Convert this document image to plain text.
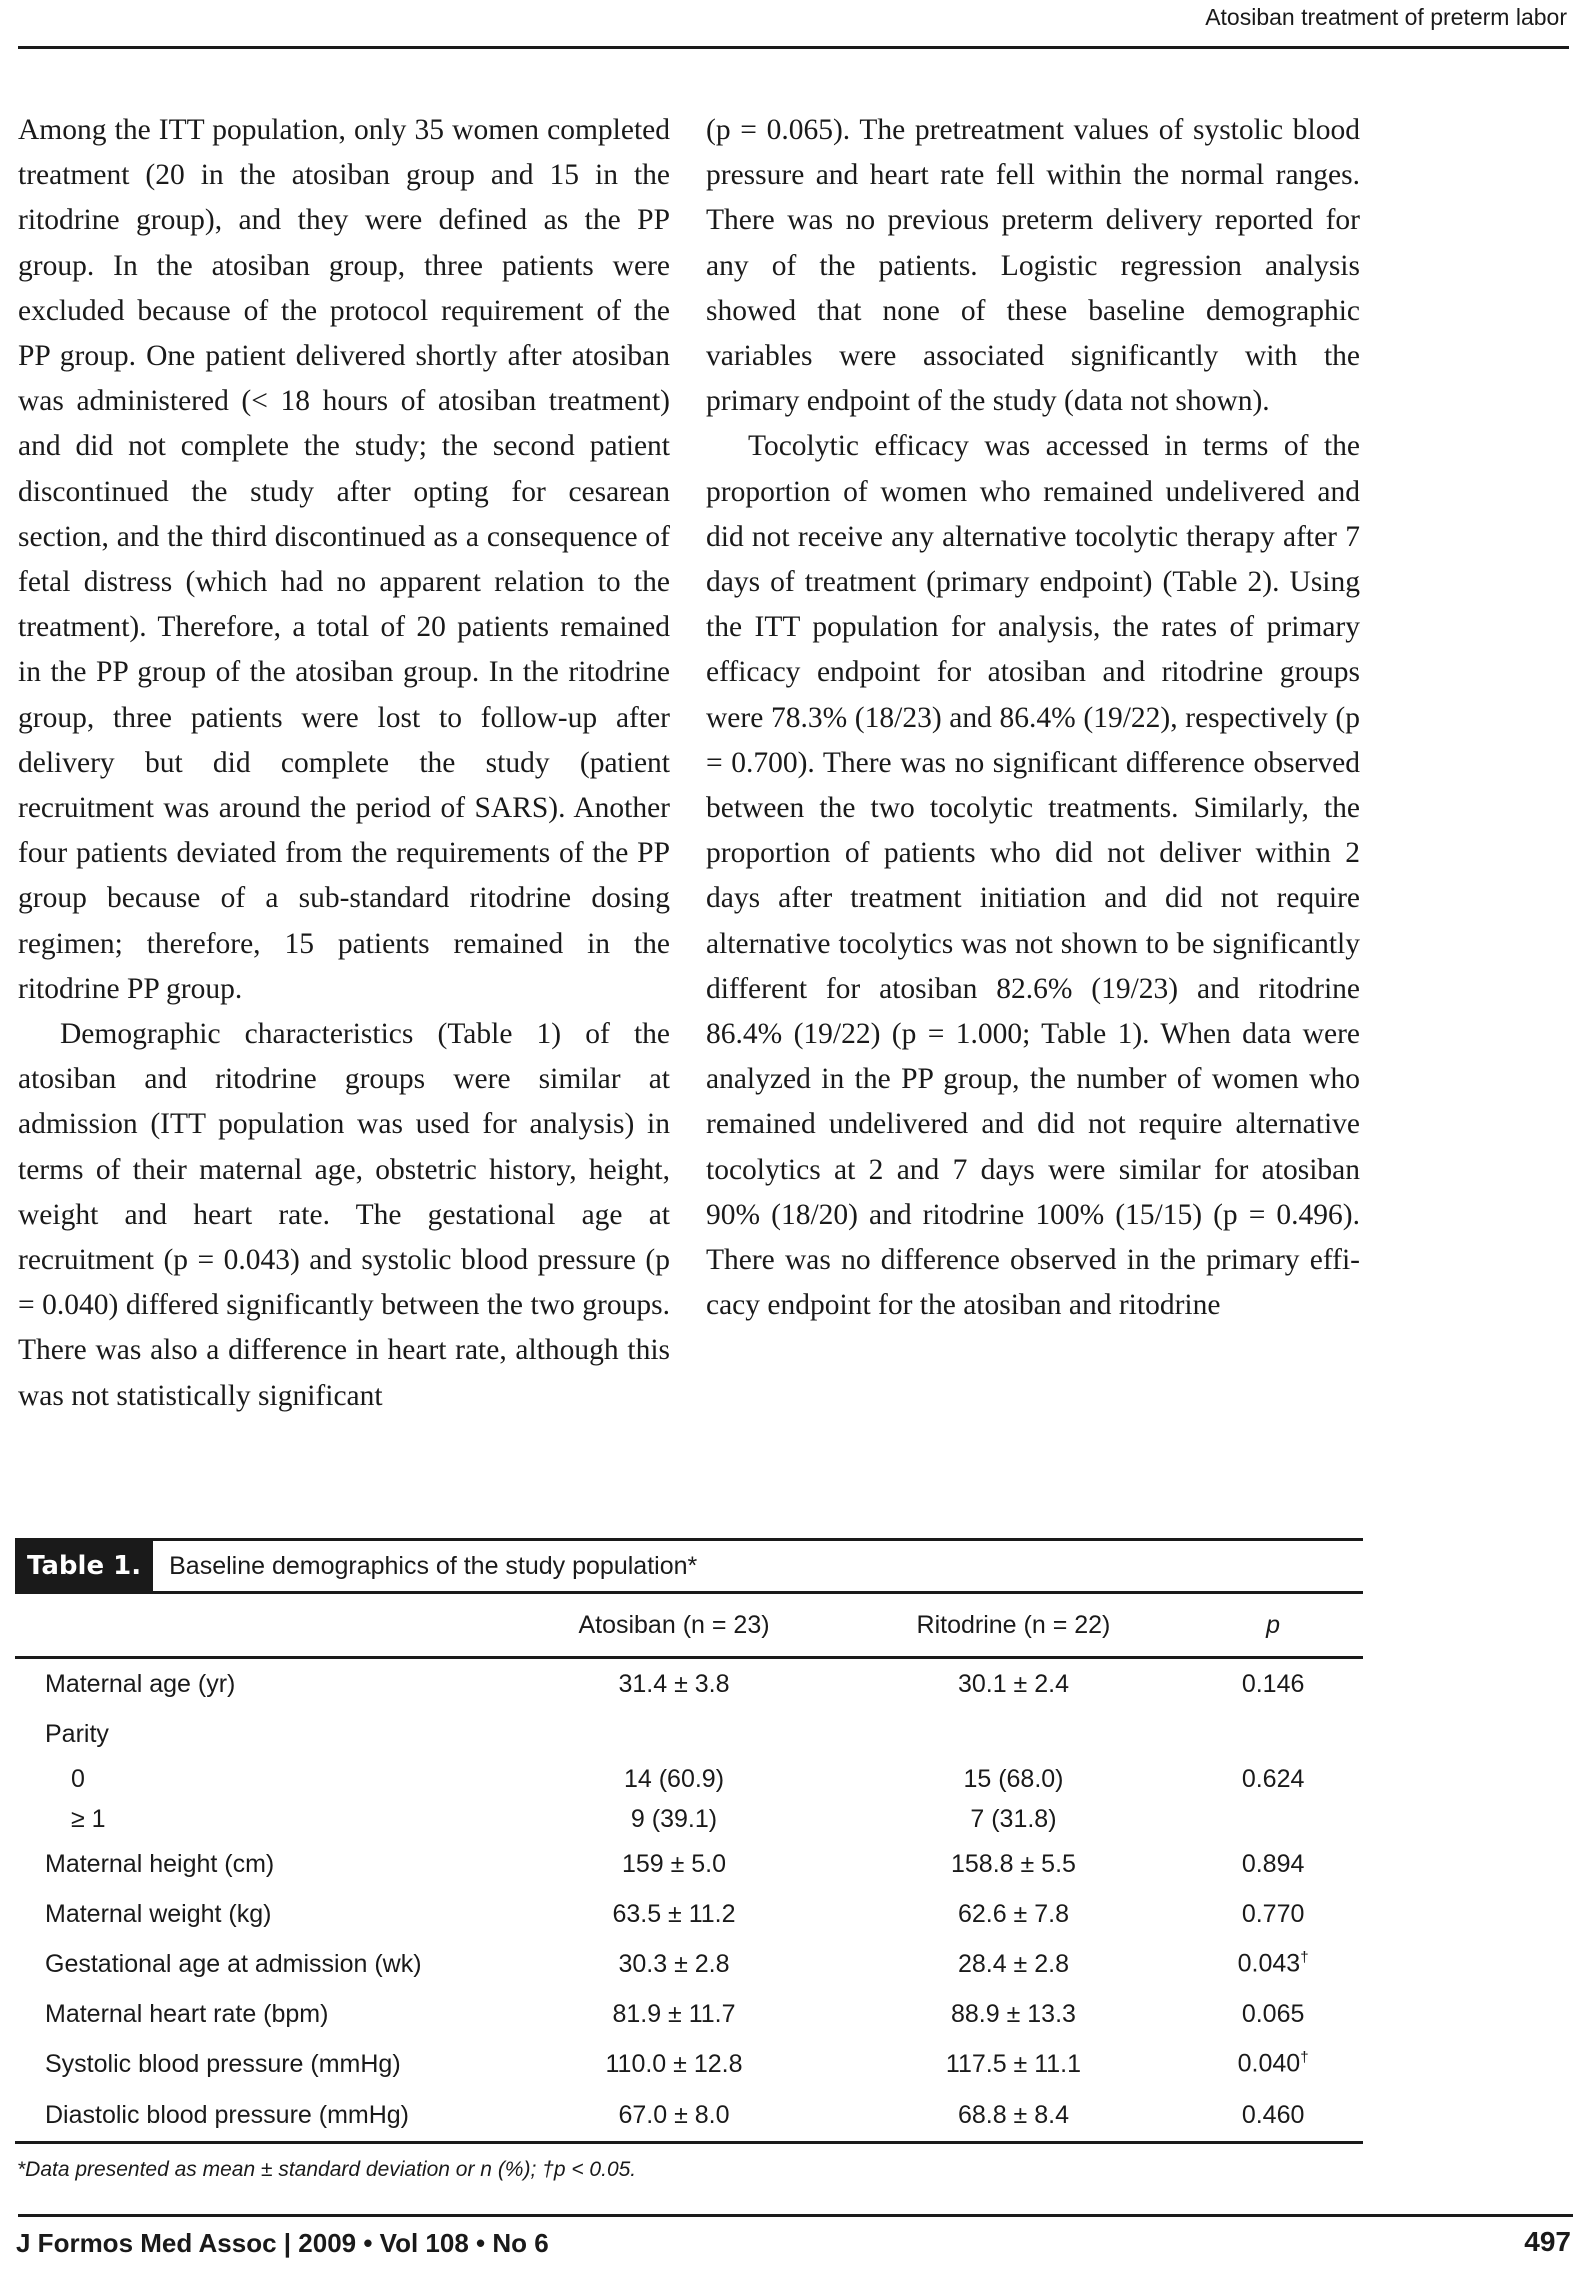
Atosiban treatment of preterm labor

Among the ITT population, only 35 women completed treatment (20 in the atosiban group and 15 in the ritodrine group), and they were defined as the PP group. In the atosiban group, three patients were excluded because of the protocol requirement of the PP group. One patient delivered shortly after atosiban was administered (< 18 hours of atosiban treatment) and did not complete the study; the second patient discontinued the study after opting for cesarean section, and the third discontinued as a consequence of fetal distress (which had no apparent relation to the treatment). Therefore, a total of 20 patients remained in the PP group of the atosiban group. In the ritodrine group, three patients were lost to follow-up after delivery but did complete the study (patient recruitment was around the period of SARS). Another four patients deviated from the requirements of the PP group because of a sub-standard ritodrine dosing regimen; therefore, 15 patients remained in the ritodrine PP group.

Demographic characteristics (Table 1) of the atosiban and ritodrine groups were similar at admission (ITT population was used for analysis) in terms of their maternal age, obstetric history, height, weight and heart rate. The gestational age at recruitment (p = 0.043) and systolic blood pressure (p = 0.040) differed significantly between the two groups. There was also a difference in heart rate, although this was not statistically significant

(p = 0.065). The pretreatment values of systolic blood pressure and heart rate fell within the normal ranges. There was no previous preterm delivery reported for any of the patients. Logistic regression analysis showed that none of these baseline demographic variables were associated significantly with the primary endpoint of the study (data not shown).

Tocolytic efficacy was accessed in terms of the proportion of women who remained undelivered and did not receive any alternative tocolytic therapy after 7 days of treatment (primary endpoint) (Table 2). Using the ITT population for analysis, the rates of primary efficacy endpoint for atosiban and ritodrine groups were 78.3% (18/23) and 86.4% (19/22), respectively (p = 0.700). There was no significant difference observed between the two tocolytic treatments. Similarly, the proportion of patients who did not deliver within 2 days after treatment initiation and did not require alternative tocolytics was not shown to be significantly different for atosiban 82.6% (19/23) and ritodrine 86.4% (19/22) (p = 1.000; Table 1). When data were analyzed in the PP group, the number of women who remained undelivered and did not require alternative tocolytics at 2 and 7 days were similar for atosiban 90% (18/20) and ritodrine 100% (15/15) (p = 0.496). There was no difference observed in the primary efficacy endpoint for the atosiban and ritodrine

Table 1.	Baseline demographics of the study population*
	Atosiban (n = 23)	Ritodrine (n = 22)	p
Maternal age (yr)	31.4 ± 3.8	30.1 ± 2.4	0.146
Parity			
0	14 (60.9)	15 (68.0)	0.624
≥ 1	9 (39.1)	7 (31.8)	
Maternal height (cm)	159 ± 5.0	158.8 ± 5.5	0.894
Maternal weight (kg)	63.5 ± 11.2	62.6 ± 7.8	0.770
Gestational age at admission (wk)	30.3 ± 2.8	28.4 ± 2.8	0.043†
Maternal heart rate (bpm)	81.9 ± 11.7	88.9 ± 13.3	0.065
Systolic blood pressure (mmHg)	110.0 ± 12.8	117.5 ± 11.1	0.040†
Diastolic blood pressure (mmHg)	67.0 ± 8.0	68.8 ± 8.4	0.460
*Data presented as mean ± standard deviation or n (%); †p < 0.05.
J Formos Med Assoc | 2009 • Vol 108 • No 6	497
